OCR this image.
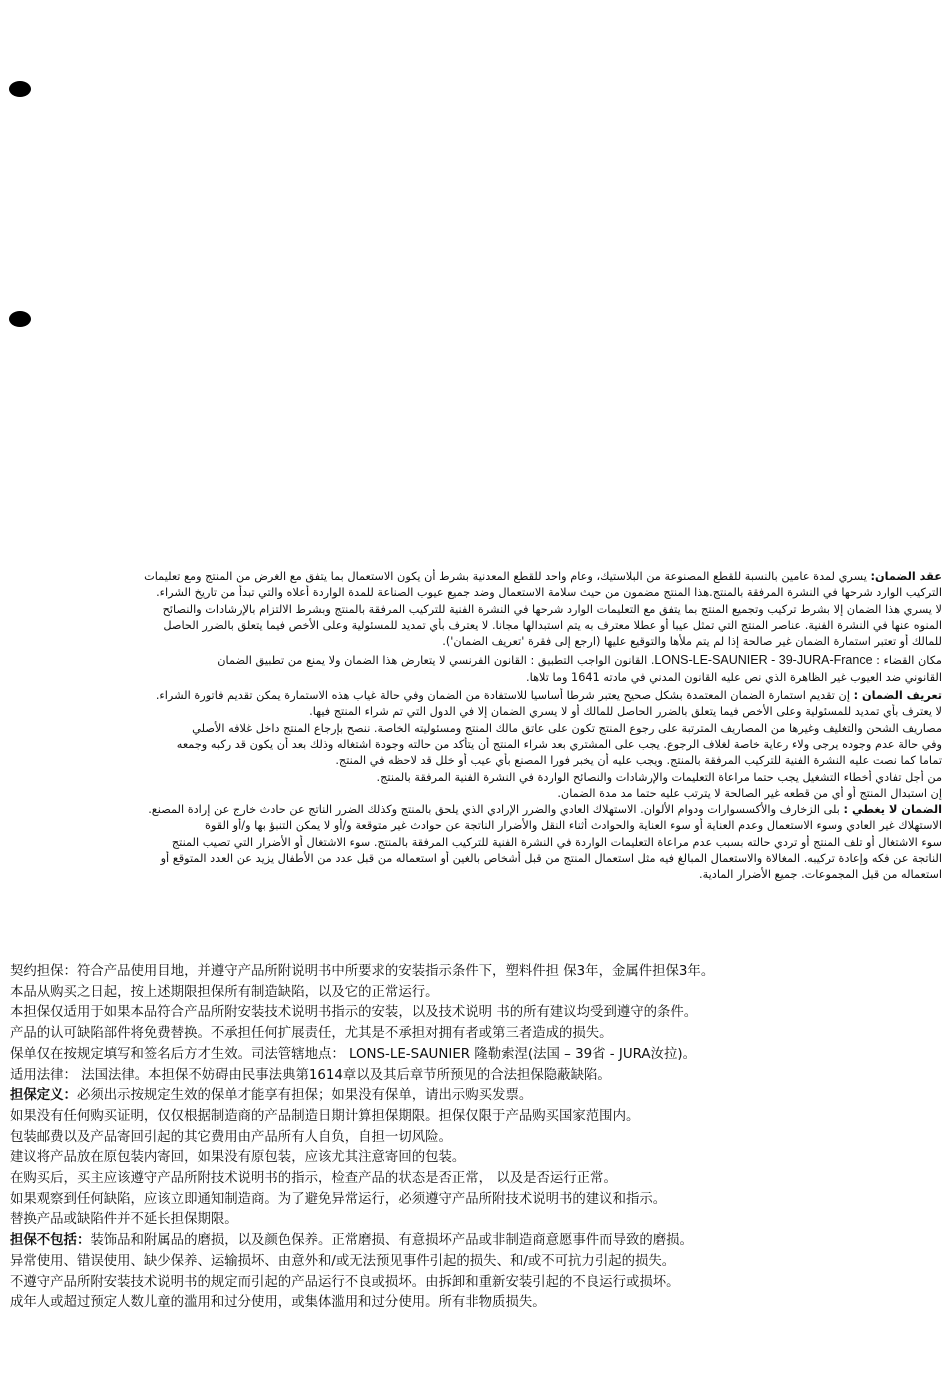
عقد الضمان: يسري لمدة عامين بالنسبة للقطع المصنوعة من البلاستيك، وعام واحد للقطع المعدنية بشرط أن يكون الاستعمال بما يتفق مع الغرض من المنتج ومع تعليمات

التركيب الوارد شرحها في النشرة المرفقة بالمنتج.هذا المنتج مضمون من حيث سلامة الاستعمال وضد جميع عيوب الصناعة للمدة الواردة أعلاه والتي تبدأ من تاريخ الشراء.

لا يسري هذا الضمان إلا بشرط تركيب وتجميع المنتج بما يتفق مع التعليمات الوارد شرحها في النشرة الفنية للتركيب المرفقة بالمنتج وبشرط الالتزام بالإرشادات والنصائح

المنوه عنها في النشرة الفنية. عناصر المنتج التي تمثل عيبا أو عطلا معترف به يتم استبدالها مجانا. لا يعترف بأي تمديد للمسئولية وعلى الأخص فيما يتعلق بالضرر الحاصل

للمالك أو تعتبر استمارة الضمان غير صالحة إذا لم يتم ملأها والتوقيع عليها (ارجع إلى فقرة 'تعريف الضمان').

مكان القضاء : LONS-LE-SAUNIER - 39-JURA-France. القانون الواجب التطبيق : القانون الفرنسي لا يتعارض هذا الضمان ولا يمنع من تطبيق الضمان

القانوني ضد العيوب غير الظاهرة الذي نص عليه القانون المدني في مادته 1641 وما تلاها.

تعريف الضمان : إن تقديم استمارة الضمان المعتمدة بشكل صحيح يعتبر شرطا أساسيا للاستفادة من الضمان وفي حالة غياب هذه الاستمارة يمكن تقديم فاتورة الشراء.

لا يعترف بأي تمديد للمسئولية وعلى الأخص فيما يتعلق بالضرر الحاصل للمالك أو لا يسري الضمان إلا في الدول التي تم شراء المنتج فيها.

مصاريف الشحن والتغليف وغيرها من المصاريف المترتبة على رجوع المنتج تكون على عاتق مالك المنتج ومسئوليته الخاصة. ننصح بإرجاع المنتج داخل غلافه الأصلي

وفي حالة عدم وجوده يرجى ولاء رعاية خاصة لغلاف الرجوع. يجب على المشتري بعد شراء المنتج أن يتأكد من حالته وجودة اشتغاله وذلك بعد أن يكون قد ركبه وجمعه

تماما كما نصت عليه النشرة الفنية للتركيب المرفقة بالمنتج. ويجب عليه أن يخبر فورا المصنع بأي عيب أو خلل قد لاحظه في المنتج.

من أجل تفادي أخطاء التشغيل يجب حتما مراعاة التعليمات والإرشادات والنصائح الواردة في النشرة الفنية المرفقة بالمنتج.

إن استبدال المنتج أو أي من قطعه غير الصالحة لا يترتب عليه حتما مد مدة الضمان.

الضمان لا يغطي : بلى الزخارف والأكسسوارات ودوام الألوان. الاستهلاك العادي والضرر الإرادي الذي يلحق بالمنتج وكذلك الضرر الناتج عن حادث خارج عن إرادة المصنع.

الاستهلاك غير العادي وسوء الاستعمال وعدم العناية أو سوء العناية والحوادث أثناء النقل والأضرار الناتجة عن حوادث غير متوقعة و/أو لا يمكن التنبؤ بها و/أو القوة

سوء الاشتغال أو تلف المنتج أو تردي حالته بسبب عدم مراعاة التعليمات الواردة في النشرة الفنية للتركيب المرفقة بالمنتج. سوء الاشتغال أو الأضرار التي تصيب المنتج

الناتجة عن فكه وإعادة تركيبه. المغالاة والاستعمال المبالغ فيه مثل استعمال المنتج من قبل أشخاص بالغين أو استعماله من قبل عدد من الأطفال يزيد عن العدد المتوقع أو

استعماله من قبل المجموعات. جميع الأضرار المادية.

契约担保：符合产品使用目地，并遵守产品所附说明书中所要求的安装指示条件下，塑料件担 保3年，金属件担保3年。

本品从购买之日起，按上述期限担保所有制造缺陷，以及它的正常运行。

本担保仅适用于如果本品符合产品所附安装技术说明书指示的安装，以及技术说明 书的所有建议均受到遵守的条件。

产品的认可缺陷部件将免费替换。不承担任何扩展责任，尤其是不承担对拥有者或第三者造成的损失。

保单仅在按规定填写和签名后方才生效。司法管辖地点： LONS-LE-SAUNIER 隆勒索涅(法国 – 39省 - JURA汝拉)。

适用法律： 法国法律。本担保不妨碍由民事法典第1614章以及其后章节所预见的合法担保隐蔽缺陷。

担保定义：必须出示按规定生效的保单才能享有担保；如果没有保单，请出示购买发票。

如果没有任何购买证明，仅仅根据制造商的产品制造日期计算担保期限。担保仅限于产品购买国家范围内。

包装邮费以及产品寄回引起的其它费用由产品所有人自负，自担一切风险。

建议将产品放在原包装内寄回，如果没有原包装，应该尤其注意寄回的包装。

在购买后，买主应该遵守产品所附技术说明书的指示，检查产品的状态是否正常， 以及是否运行正常。

如果观察到任何缺陷，应该立即通知制造商。为了避免异常运行，必须遵守产品所附技术说明书的建议和指示。

替换产品或缺陷件并不延长担保期限。

担保不包括：装饰品和附属品的磨损，以及颜色保养。正常磨损、有意损坏产品或非制造商意愿事件而导致的磨损。

异常使用、错误使用、缺少保养、运输损坏、由意外和/或无法预见事件引起的损失、和/或不可抗力引起的损失。

不遵守产品所附安装技术说明书的规定而引起的产品运行不良或损坏。由拆卸和重新安装引起的不良运行或损坏。

成年人或超过预定人数儿童的滥用和过分使用，或集体滥用和过分使用。所有非物质损失。
